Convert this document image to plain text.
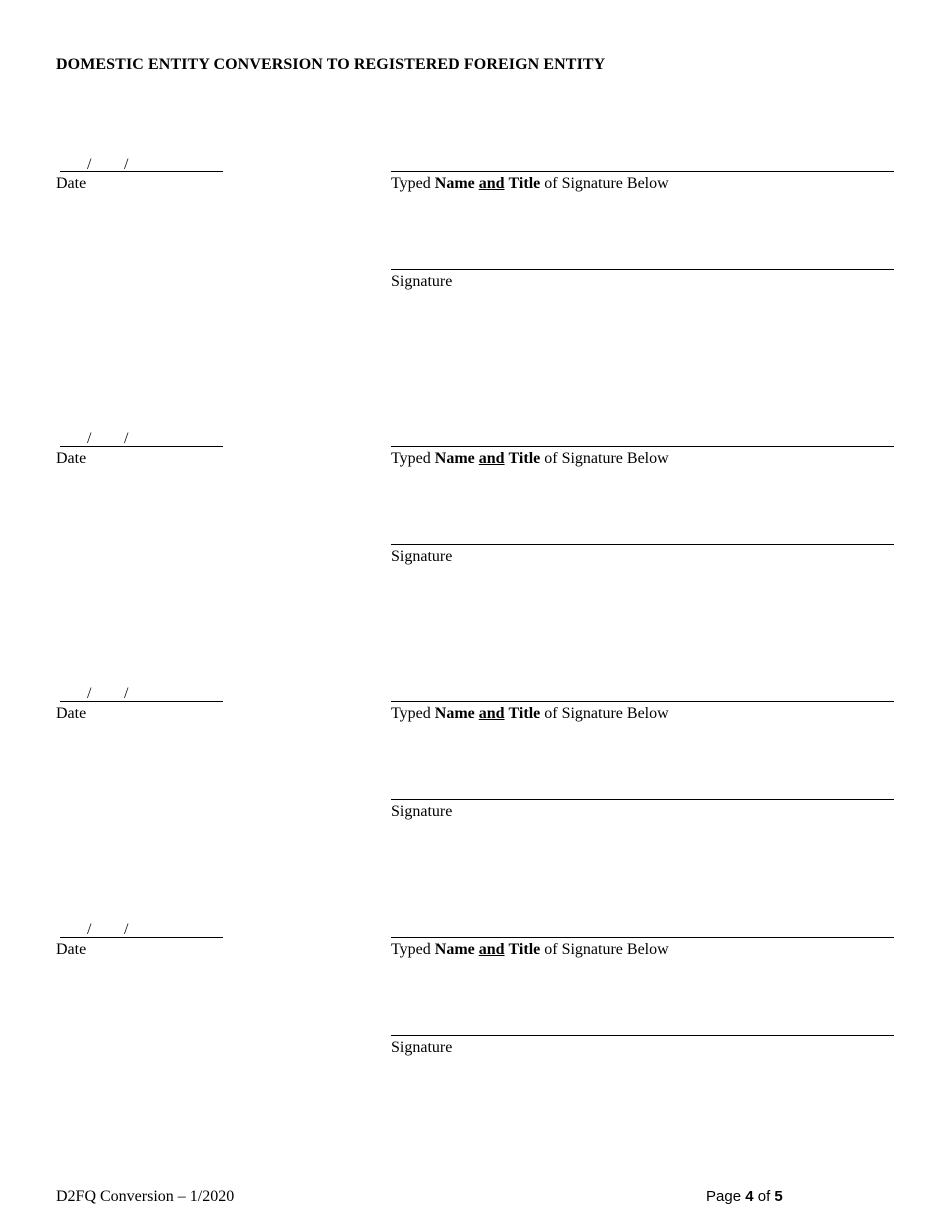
DOMESTIC ENTITY CONVERSION TO REGISTERED FOREIGN ENTITY
/ /
Date	Typed Name and Title of Signature Below
Signature
/ /
Date	Typed Name and Title of Signature Below
Signature
/ /
Date	Typed Name and Title of Signature Below
Signature
/ /
Date	Typed Name and Title of Signature Below
Signature
D2FQ Conversion – 1/2020	Page 4 of 5
